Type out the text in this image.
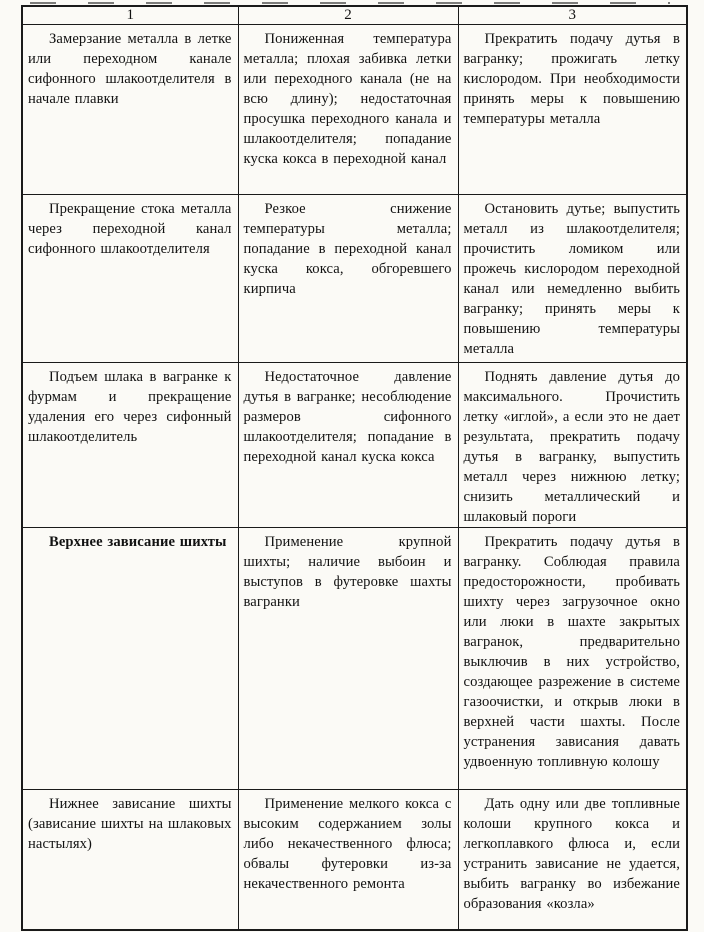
1	2	3
Замерзание металла в летке или переходном канале сифонного шлакоотделителя в начале плавки	Пониженная температура металла; плохая забивка летки или переходного канала (не на всю длину); недостаточная просушка переходного канала и шлакоотделителя; попадание куска кокса в переходной канал	Прекратить подачу дутья в вагранку; прожигать летку кислородом. При необходимости принять меры к повышению температуры металла
Прекращение стока металла через переходной канал сифонного шлакоотделителя	Резкое снижение температуры металла; попадание в переходной канал куска кокса, обгоревшего кирпича	Остановить дутье; выпустить металл из шлакоотделителя; прочистить ломиком или прожечь кислородом переходной канал или немедленно выбить вагранку; принять меры к повышению температуры металла
Подъем шлака в вагранке к фурмам и прекращение удаления его через сифонный шлакоотделитель	Недостаточное давление дутья в вагранке; несоблюдение размеров сифонного шлакоотделителя; попадание в переходной канал куска кокса	Поднять давление дутья до максимального. Прочистить летку «иглой», а если это не дает результата, прекратить подачу дутья в вагранку, выпустить металл через нижнюю летку; снизить металлический и шлаковый пороги
Верхнее зависание шихты	Применение крупной шихты; наличие выбоин и выступов в футеровке шахты вагранки	Прекратить подачу дутья в вагранку. Соблюдая правила предосторожности, пробивать шихту через загрузочное окно или люки в шахте закрытых вагранок, предварительно выключив в них устройство, создающее разрежение в системе газоочистки, и открыв люки в верхней части шахты. После устранения зависания давать удвоенную топливную колошу
Нижнее зависание шихты (зависание шихты на шлаковых настылях)	Применение мелкого кокса с высоким содержанием золы либо некачественного флюса; обвалы футеровки из-за некачественного ремонта	Дать одну или две топливные колоши крупного кокса и легкоплавкого флюса и, если устранить зависание не удается, выбить вагранку во избежание образования «козла»
